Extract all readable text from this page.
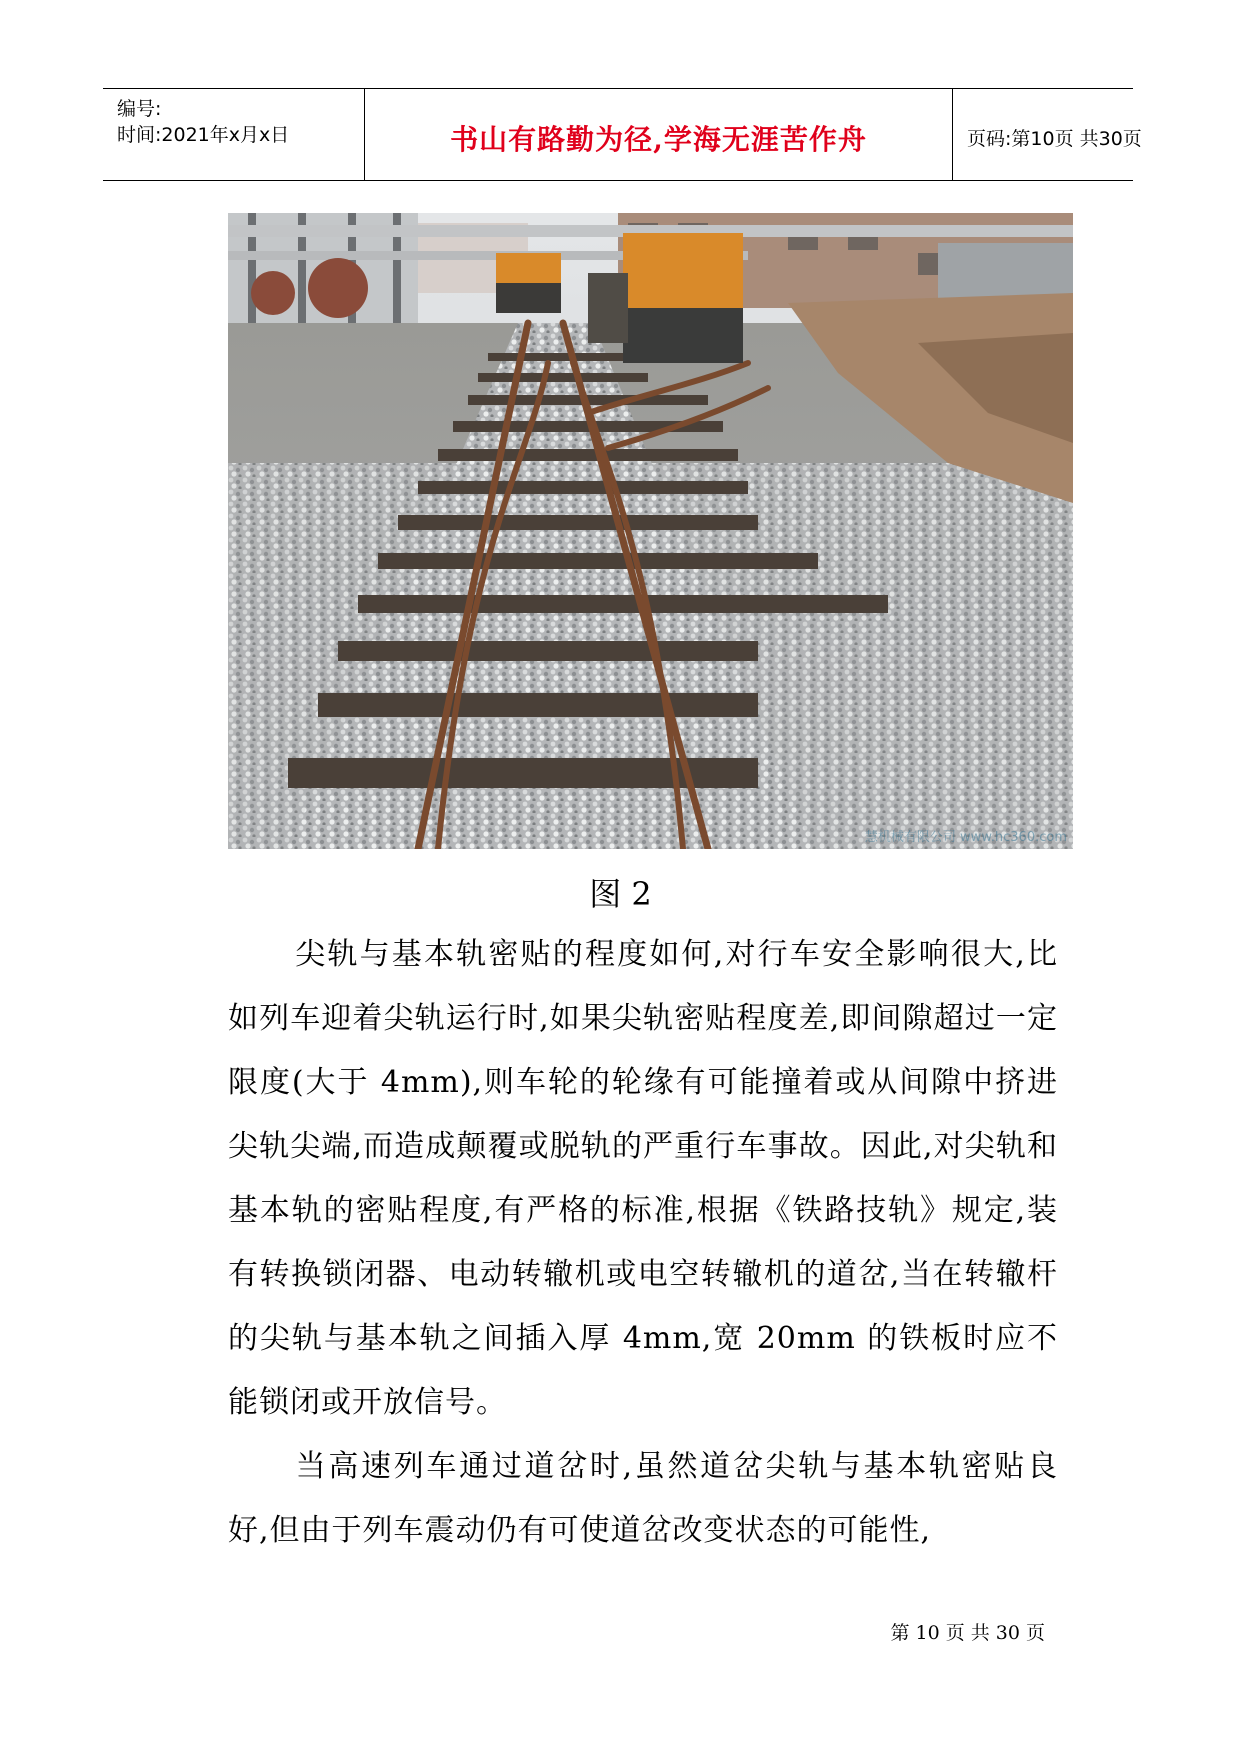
编号:
时间:2021年x月x日	书山有路勤为径,学海无涯苦作舟	页码:第10页 共30页
慧机械有限公司 www.hc360.com
图 2

尖轨与基本轨密贴的程度如何,对行车安全影响很大,比如列车迎着尖轨运行时,如果尖轨密贴程度差,即间隙超过一定限度(大于 4mm),则车轮的轮缘有可能撞着或从间隙中挤进尖轨尖端,而造成颠覆或脱轨的严重行车事故。因此,对尖轨和基本轨的密贴程度,有严格的标准,根据《铁路技轨》规定,装有转换锁闭器、电动转辙机或电空转辙机的道岔,当在转辙杆的尖轨与基本轨之间插入厚 4mm,宽 20mm 的铁板时应不能锁闭或开放信号。

当高速列车通过道岔时,虽然道岔尖轨与基本轨密贴良好,但由于列车震动仍有可使道岔改变状态的可能性,

第 10 页 共 30 页
